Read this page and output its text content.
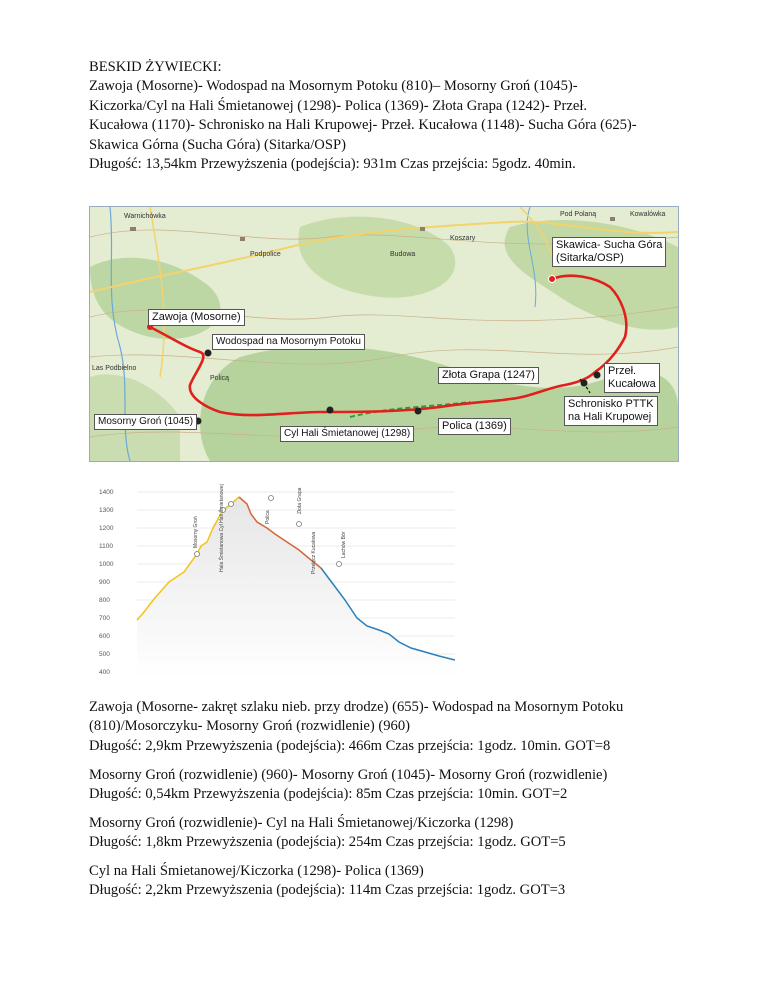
BESKID ŻYWIECKI:
Zawoja (Mosorne)- Wodospad na Mosornym Potoku (810)– Mosorny Groń (1045)-
Kiczorka/Cyl na Hali Śmietanowej (1298)- Polica (1369)- Złota Grapa (1242)- Przeł.
Kucałowa (1170)- Schronisko na Hali Krupowej- Przeł. Kucałowa (1148)- Sucha Góra (625)-
Skawica Górna (Sucha Góra) (Sitarka/OSP)
Długość: 13,54km Przewyższenia (podejścia): 931m Czas przejścia: 5godz. 40min.
Warnichówka
Podpolice	Budowa
Koszary
Kowalówka
Pod Polaną
Policą
Las Podbielno
Zawoja (Mosorne)
Wodospad na Mosornym Potoku
Mosorny Groń (1045)
Cyl Hali Śmietanowej (1298)
Polica (1369)
Złota Grapa (1247)	Przeł.
Kucałowa
Schronisko PTTK
na Hali Krupowej
Skawica- Sucha Góra
(Sitarka/OSP)
1400
1300
1200
1100
1000
900
800
700
600
500
400
Mosorny Groń	Hala Śmietanowa Cyl Hali Śmietanowej	Polica
Złota Grapa
Przełęcz Kucałowa	Lachów Bór
Zawoja (Mosorne- zakręt szlaku nieb. przy drodze) (655)- Wodospad na Mosornym Potoku
(810)/Mosorczyku- Mosorny Groń (rozwidlenie) (960)
Długość: 2,9km Przewyższenia (podejścia): 466m Czas przejścia: 1godz. 10min. GOT=8
Mosorny Groń (rozwidlenie) (960)- Mosorny Groń (1045)- Mosorny Groń (rozwidlenie)
Długość: 0,54km Przewyższenia (podejścia): 85m Czas przejścia: 10min. GOT=2
Mosorny Groń (rozwidlenie)- Cyl na Hali Śmietanowej/Kiczorka (1298)
Długość: 1,8km Przewyższenia (podejścia): 254m Czas przejścia: 1godz. GOT=5
Cyl na Hali Śmietanowej/Kiczorka (1298)- Polica (1369)
Długość: 2,2km Przewyższenia (podejścia): 114m Czas przejścia: 1godz. GOT=3
